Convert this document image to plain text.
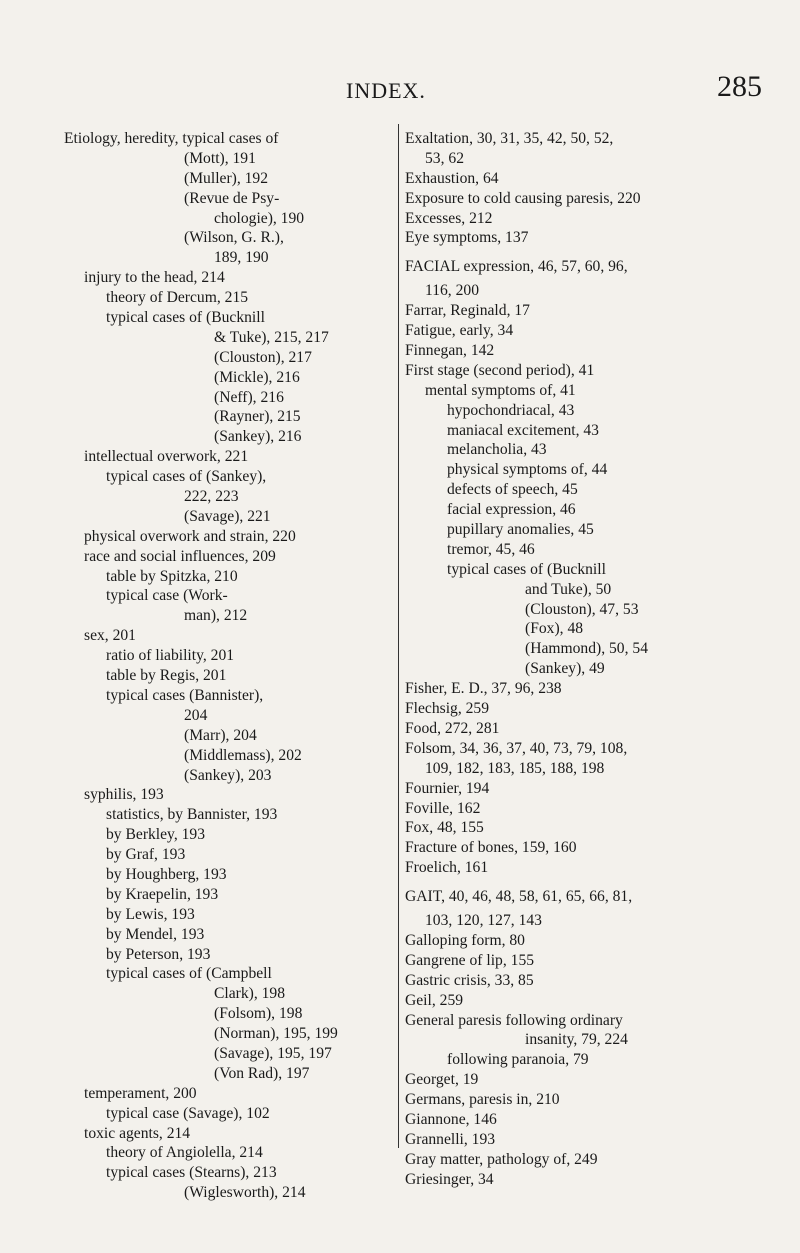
INDEX.	285
Etiology, heredity, typical cases of
(Mott), 191
(Muller), 192
(Revue de Psy-
chologie), 190
(Wilson, G. R.),
189, 190
injury to the head, 214
theory of Dercum, 215
typical cases of (Bucknill
& Tuke), 215, 217
(Clouston), 217
(Mickle), 216
(Neff), 216
(Rayner), 215
(Sankey), 216
intellectual overwork, 221
typical cases of (Sankey),
222, 223
(Savage), 221
physical overwork and strain, 220
race and social influences, 209
table by Spitzka, 210
typical case (Work-
man), 212
sex, 201
ratio of liability, 201
table by Regis, 201
typical cases (Bannister),
204
(Marr), 204
(Middlemass), 202
(Sankey), 203
syphilis, 193
statistics, by Bannister, 193
by Berkley, 193
by Graf, 193
by Houghberg, 193
by Kraepelin, 193
by Lewis, 193
by Mendel, 193
by Peterson, 193
typical cases of (Campbell
Clark), 198
(Folsom), 198
(Norman), 195, 199
(Savage), 195, 197
(Von Rad), 197
temperament, 200
typical case (Savage), 102
toxic agents, 214
theory of Angiolella, 214
typical cases (Stearns), 213
(Wiglesworth), 214
Exaltation, 30, 31, 35, 42, 50, 52,
53, 62
Exhaustion, 64
Exposure to cold causing paresis, 220
Excesses, 212
Eye symptoms, 137
FACIAL expression, 46, 57, 60, 96,
116, 200
Farrar, Reginald, 17
Fatigue, early, 34
Finnegan, 142
First stage (second period), 41
mental symptoms of, 41
hypochondriacal, 43
maniacal excitement, 43
melancholia, 43
physical symptoms of, 44
defects of speech, 45
facial expression, 46
pupillary anomalies, 45
tremor, 45, 46
typical cases of (Bucknill
and Tuke), 50
(Clouston), 47, 53
(Fox), 48
(Hammond), 50, 54
(Sankey), 49
Fisher, E. D., 37, 96, 238
Flechsig, 259
Food, 272, 281
Folsom, 34, 36, 37, 40, 73, 79, 108,
109, 182, 183, 185, 188, 198
Fournier, 194
Foville, 162
Fox, 48, 155
Fracture of bones, 159, 160
Froelich, 161
GAIT, 40, 46, 48, 58, 61, 65, 66, 81,
103, 120, 127, 143
Galloping form, 80
Gangrene of lip, 155
Gastric crisis, 33, 85
Geil, 259
General paresis following ordinary
insanity, 79, 224
following paranoia, 79
Georget, 19
Germans, paresis in, 210
Giannone, 146
Grannelli, 193
Gray matter, pathology of, 249
Griesinger, 34
